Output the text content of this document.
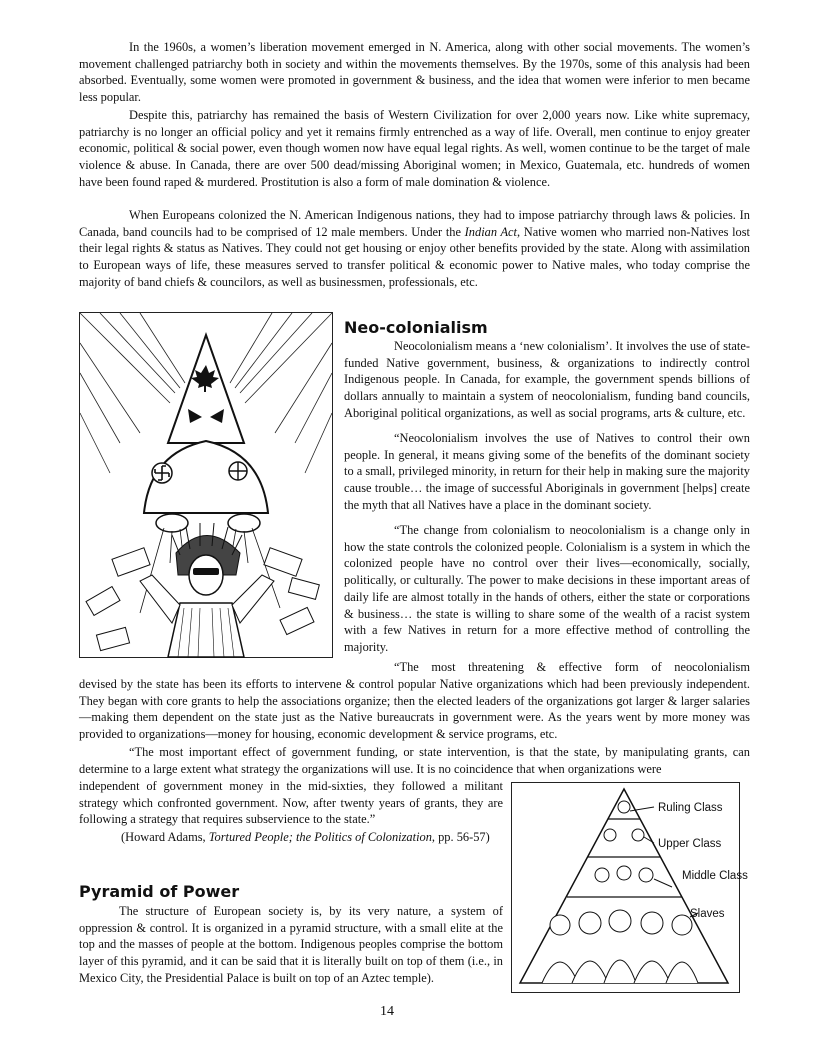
In the 1960s, a women’s liberation movement emerged in N. America, along with other social movements. The women’s movement challenged patriarchy both in society and within the movements themselves. By the 1970s, some of this analysis had been absorbed. Eventually, some women were promoted in government & business, and the idea that women were inferior to men became less popular.

Despite this, patriarchy has remained the basis of Western Civilization for over 2,000 years now. Like white supremacy, patriarchy is no longer an official policy and yet it remains firmly entrenched as a way of life. Overall, men continue to enjoy greater economic, political & social power, even though women now have equal legal rights. As well, women continue to be the target of male violence & abuse. In Canada, there are over 500 dead/missing Aboriginal women; in Mexico, Guatemala, etc. hundreds of women have been found raped & murdered. Prostitution is also a form of male domination & violence.

When Europeans colonized the N. American Indigenous nations, they had to impose patriarchy through laws & policies. In Canada, band councils had to be comprised of 12 male members. Under the Indian Act, Native women who married non-Natives lost their legal rights & status as Natives. They could not get housing or enjoy other benefits provided by the state. Along with assimilation to European ways of life, these measures served to transfer political & economic power to Native males, who today comprise the majority of band chiefs & councilors, as well as businessmen, professionals, etc.

Neo-colonialism

Neocolonialism means a ‘new colonialism’. It involves the use of state-funded Native government, business, & organizations to indirectly control Indigenous people. In Canada, for example, the government spends billions of dollars annually to maintain a system of neocolonialism, funding band councils, Aboriginal political organizations, as well as social programs, arts & culture, etc.

“Neocolonialism involves the use of Natives to control their own people. In general, it means giving some of the benefits of the dominant society to a small, privileged minority, in return for their help in making sure the majority cause trouble… the image of successful Aboriginals in government [helps] create the myth that all Natives have a place in the dominant society.

“The change from colonialism to neocolonialism is a change only in how the state controls the colonized people. Colonialism is a system in which the colonized people have no control over their lives—economically, socially, politically, or culturally. The power to make decisions in these important areas of daily life are almost totally in the hands of others, either the state or corporations & business… the state is willing to share some of the wealth of a racist system with a few Natives in return for a more effective method of controlling the majority.

“The most threatening & effective form of neocolonialism

devised by the state has been its efforts to intervene & control popular Native organizations which had been previously independent. They began with core grants to help the associations organize; then the elected leaders of the organizations got larger & larger salaries—making them dependent on the state just as the Native bureaucrats in government were. As the years went by more money was provided to organizations—money for housing, economic development & service programs, etc.

“The most important effect of government funding, or state intervention, is that the state, by manipulating grants, can determine to a large extent what strategy the organizations will use. It is no coincidence that when organizations were

independent of government money in the mid-sixties, they followed a militant strategy which confronted government. Now, after twenty years of grants, they are following a strategy that requires subservience to the state.”

(Howard Adams, Tortured People; the Politics of Colonization, pp. 56-57)

Pyramid of Power

The structure of European society is, by its very nature, a system of oppression & control. It is organized in a pyramid structure, with a small elite at the top and the masses of people at the bottom. Indigenous peoples comprise the bottom layer of this pyramid, and it can be said that it is literally built on top of them (i.e., in Mexico City, the Presidential Palace is built on top of an Aztec temple).

Ruling Class
Upper Class
Middle Class
Slaves
14
